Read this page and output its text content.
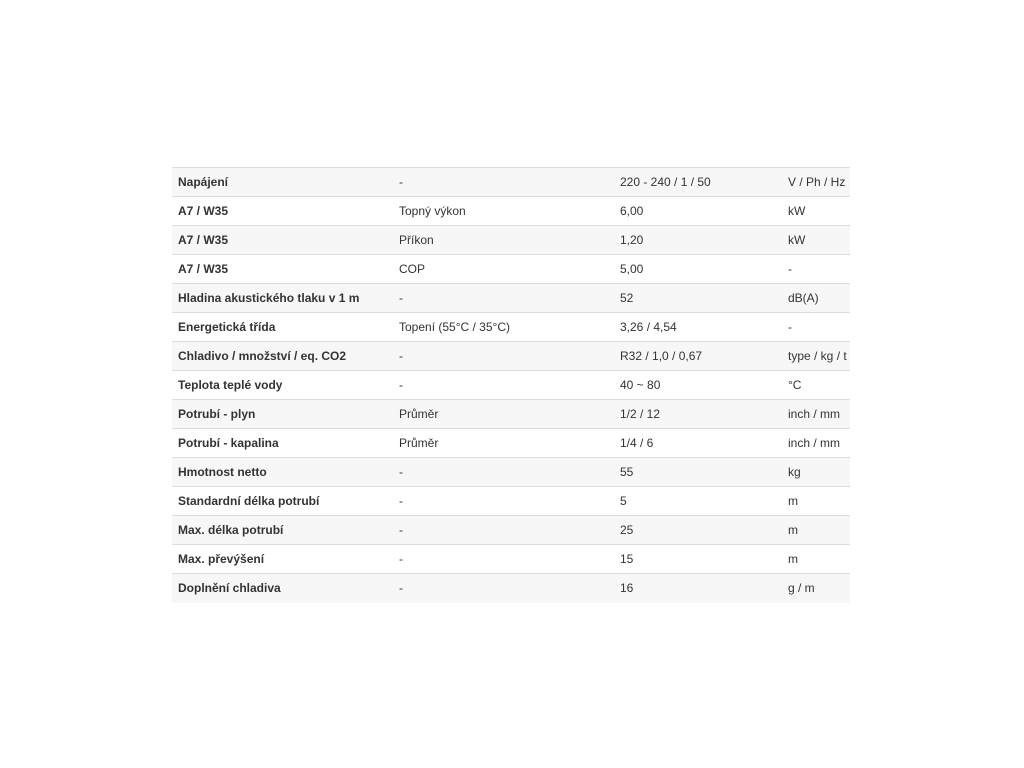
Napájení	-	220 - 240 / 1 / 50	V / Ph / Hz
A7 / W35	Topný výkon	6,00	kW
A7 / W35	Příkon	1,20	kW
A7 / W35	COP	5,00	-
Hladina akustického tlaku v 1 m	-	52	dB(A)
Energetická třída	Topení (55°C / 35°C)	3,26 / 4,54	-
Chladivo / množství / eq. CO2	-	R32 / 1,0 / 0,67	type / kg / t
Teplota teplé vody	-	40 ~ 80	°C
Potrubí - plyn	Průměr	1/2 / 12	inch / mm
Potrubí - kapalina	Průměr	1/4 / 6	inch / mm
Hmotnost netto	-	55	kg
Standardní délka potrubí	-	5	m
Max. délka potrubí	-	25	m
Max. převýšení	-	15	m
Doplnění chladiva	-	16	g / m
